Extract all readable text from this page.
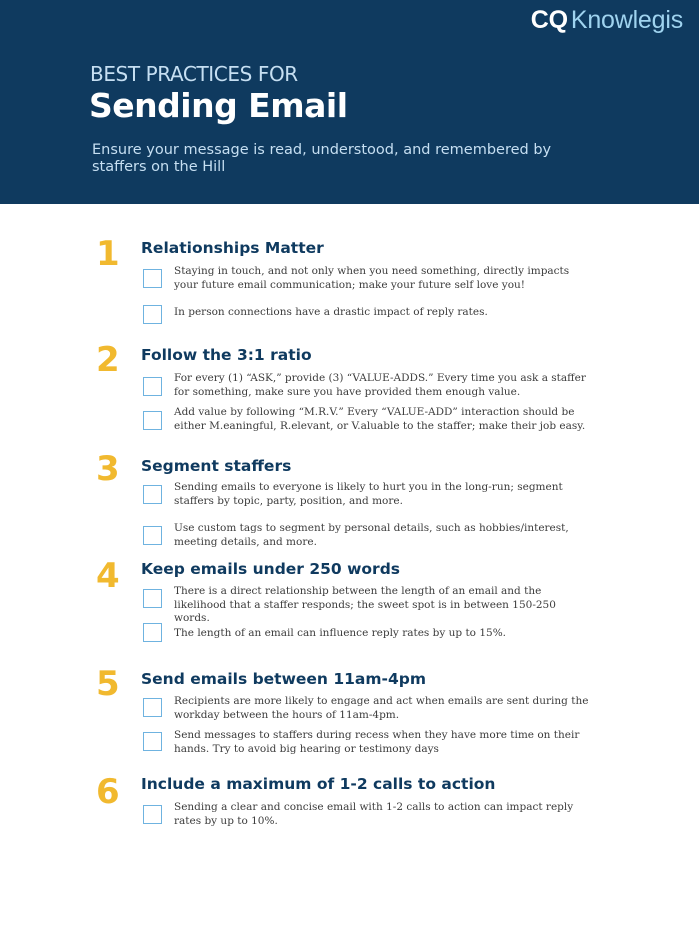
CQ Knowlegis
BEST PRACTICES FOR
Sending Email
Ensure your message is read, understood, and remembered by staffers on the Hill
1	Relationships Matter
Staying in touch, and not only when you need something, directly impacts your future email communication; make your future self love you!
In person connections have a drastic impact of reply rates.
2	Follow the 3:1 ratio
For every (1) “ASK,” provide (3) “VALUE-ADDS.” Every time you ask a staffer for something, make sure you have provided them enough value.
Add value by following “M.R.V.” Every “VALUE-ADD” interaction should be either M.eaningful, R.elevant, or V.aluable to the staffer; make their job easy.
3	Segment staffers
Sending emails to everyone is likely to hurt you in the long-run; segment staffers by topic, party, position, and more.
Use custom tags to segment by personal details, such as hobbies/interest, meeting details, and more.
4	Keep emails under 250 words
There is a direct relationship between the length of an email and the likelihood that a staffer responds; the sweet spot is in between 150-250 words.
The length of an email can influence reply rates by up to 15%.
5	Send emails between 11am-4pm
Recipients are more likely to engage and act when emails are sent during the workday between the hours of 11am-4pm.
Send messages to staffers during recess when they have more time on their hands. Try to avoid big hearing or testimony days
6	Include a maximum of 1-2 calls to action
Sending a clear and concise email with 1-2 calls to action can impact reply rates by up to 10%.
